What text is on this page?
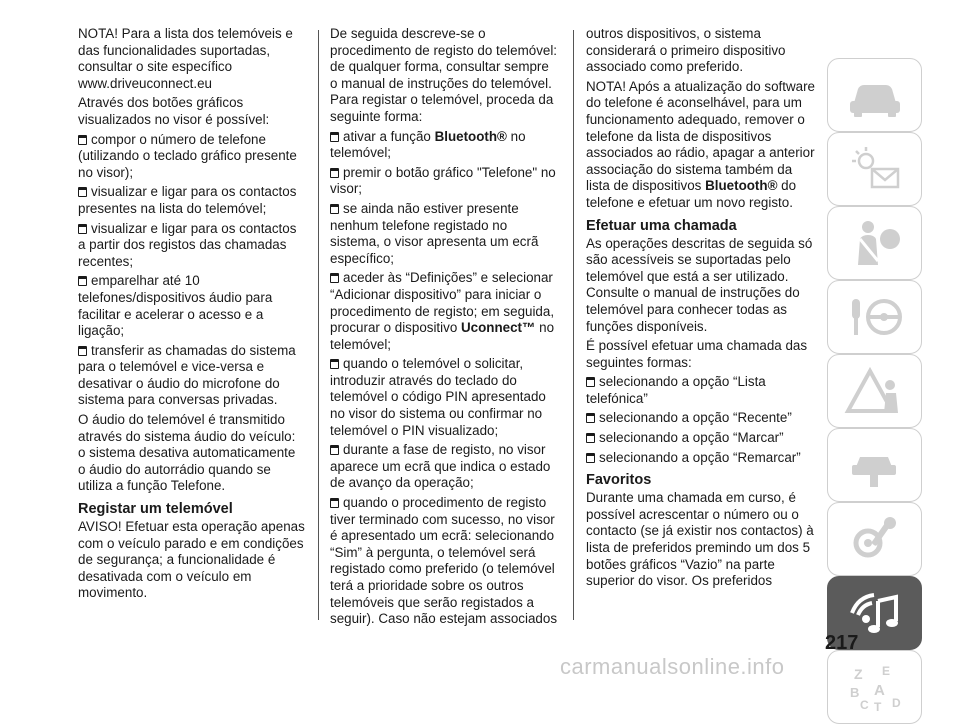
NOTA! Para a lista dos telemóveis e das funcionalidades suportadas, consultar o site específico www.driveuconnect.eu

Através dos botões gráficos visualizados no visor é possível:

compor o número de telefone (utilizando o teclado gráfico presente no visor);

visualizar e ligar para os contactos presentes na lista do telemóvel;

visualizar e ligar para os contactos a partir dos registos das chamadas recentes;

emparelhar até 10 telefones/dispositivos áudio para facilitar e acelerar o acesso e a ligação;

transferir as chamadas do sistema para o telemóvel e vice-versa e desativar o áudio do microfone do sistema para conversas privadas.

O áudio do telemóvel é transmitido através do sistema áudio do veículo: o sistema desativa automaticamente o áudio do autorrádio quando se utiliza a função Telefone.

Registar um telemóvel

AVISO! Efetuar esta operação apenas com o veículo parado e em condições de segurança; a funcionalidade é desativada com o veículo em movimento.

De seguida descreve-se o procedimento de registo do telemóvel: de qualquer forma, consultar sempre o manual de instruções do telemóvel. Para registar o telemóvel, proceda da seguinte forma:

ativar a função Bluetooth® no telemóvel;

premir o botão gráfico "Telefone" no visor;

se ainda não estiver presente nenhum telefone registado no sistema, o visor apresenta um ecrã específico;

aceder às “Definições” e selecionar “Adicionar dispositivo” para iniciar o procedimento de registo; em seguida, procurar o dispositivo Uconnect™ no telemóvel;

quando o telemóvel o solicitar, introduzir através do teclado do telemóvel o código PIN apresentado no visor do sistema ou confirmar no telemóvel o PIN visualizado;

durante a fase de registo, no visor aparece um ecrã que indica o estado de avanço da operação;

quando o procedimento de registo tiver terminado com sucesso, no visor é apresentado um ecrã: selecionando “Sim” à pergunta, o telemóvel será registado como preferido (o telemóvel terá a prioridade sobre os outros telemóveis que serão registados a seguir). Caso não estejam associados

outros dispositivos, o sistema considerará o primeiro dispositivo associado como preferido.

NOTA! Após a atualização do software do telefone é aconselhável, para um funcionamento adequado, remover o telefone da lista de dispositivos associados ao rádio, apagar a anterior associação do sistema também da lista de dispositivos Bluetooth® do telefone e efetuar um novo registo.

Efetuar uma chamada

As operações descritas de seguida só são acessíveis se suportadas pelo telemóvel que está a ser utilizado. Consulte o manual de instruções do telemóvel para conhecer todas as funções disponíveis.

É possível efetuar uma chamada das seguintes formas:

selecionando a opção “Lista telefónica”

selecionando a opção “Recente”

selecionando a opção “Marcar”

selecionando a opção “Remarcar”

Favoritos

Durante uma chamada em curso, é possível acrescentar o número ou o contacto (se já existir nos contactos) à lista de preferidos premindo um dos 5 botões gráficos “Vazio” na parte superior do visor. Os preferidos

Z E
B A
C T D
217
carmanualsonline.info
